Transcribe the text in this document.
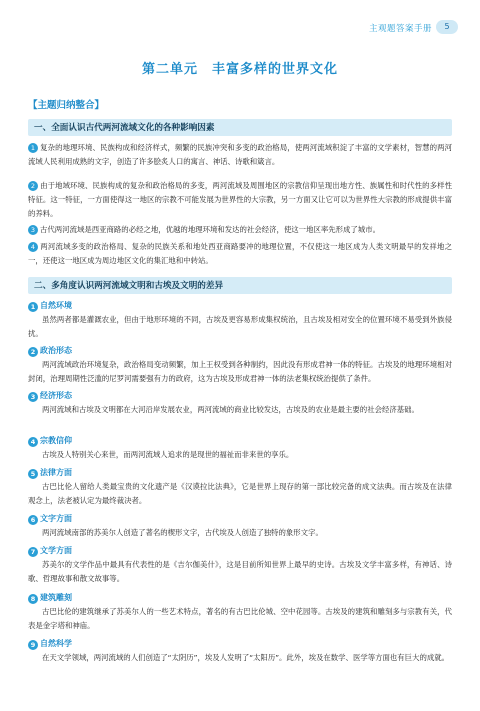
主观题答案手册	5
第二单元　丰富多样的世界文化
【主题归纳整合】
一、全面认识古代两河流域文化的各种影响因素
1 复杂的地理环境、民族构成和经济样式，频繁的民族冲突和多变的政治格局，使两河流域积淀了丰富的文学素材，智慧的两河流域人民利用成熟的文字，创造了许多脍炙人口的寓言、神话、诗歌和箴言。
2 由于地域环境、民族构成的复杂和政治格局的多变，两河流域及周围地区的宗教信仰呈现出地方性、族属性和时代性的多样性特征。这一特征，一方面使得这一地区的宗教不可能发展为世界性的大宗教，另一方面又让它可以为世界性大宗教的形成提供丰富的养料。
3 古代两河流域是西亚商路的必经之地，优越的地理环境和发达的社会经济，使这一地区率先形成了城市。
4 两河流域多变的政治格局、复杂的民族关系和地处西亚商路要冲的地理位置，不仅使这一地区成为人类文明最早的发祥地之一，还使这一地区成为周边地区文化的集汇地和中转站。
二、多角度认识两河流域文明和古埃及文明的差异
1 自然环境
虽然两者都是灌溉农业，但由于地形环境的不同，古埃及更容易形成集权统治，且古埃及相对安全的位置环境不易受到外族侵扰。
2 政治形态
两河流域政治环境复杂，政治格局变动频繁，加上王权受到各种制约，因此没有形成君神一体的特征。古埃及的地理环境相对封闭，治理周期性泛滥的尼罗河需要强有力的政府，这为古埃及形成君神一体的法老集权统治提供了条件。
3 经济形态
两河流域和古埃及文明都在大河沿岸发展农业，两河流域的商业比较发达，古埃及的农业是最主要的社会经济基础。
4 宗教信仰
古埃及人特别关心来世，而两河流域人追求的是现世的福祉而非来世的享乐。
5 法律方面
古巴比伦人留给人类最宝贵的文化遗产是《汉谟拉比法典》，它是世界上现存的第一部比较完备的成文法典。而古埃及在法律观念上，法老被认定为最终裁决者。
6 文字方面
两河流域南部的苏美尔人创造了著名的楔形文字，古代埃及人创造了独特的象形文字。
7 文学方面
苏美尔的文学作品中最具有代表性的是《吉尔伽美什》，这是目前所知世界上最早的史诗。古埃及文学丰富多样，有神话、诗歌、哲理故事和散文故事等。
8 建筑雕刻
古巴比伦的建筑继承了苏美尔人的一些艺术特点，著名的有古巴比伦城、空中花园等。古埃及的建筑和雕刻多与宗教有关，代表是金字塔和神庙。
9 自然科学
在天文学领域，两河流域的人们创造了“太阴历”，埃及人发明了“太阳历”。此外，埃及在数学、医学等方面也有巨大的成就。
